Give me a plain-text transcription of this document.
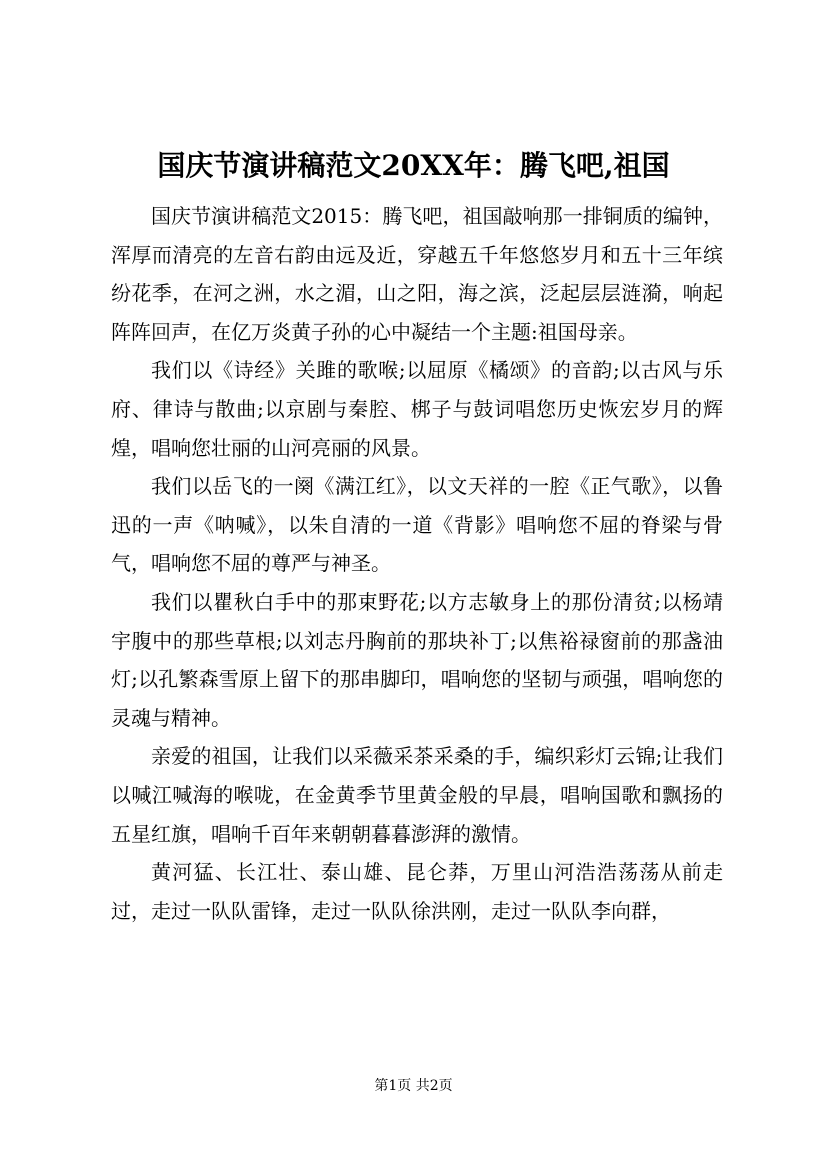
国庆节演讲稿范文20XX年：腾飞吧,祖国

国庆节演讲稿范文2015：腾飞吧，祖国敲响那一排铜质的编钟，浑厚而清亮的左音右韵由远及近，穿越五千年悠悠岁月和五十三年缤纷花季，在河之洲，水之湄，山之阳，海之滨，泛起层层涟漪，响起阵阵回声，在亿万炎黄子孙的心中凝结一个主题:祖国母亲。

我们以《诗经》关雎的歌喉;以屈原《橘颂》的音韵;以古风与乐府、律诗与散曲;以京剧与秦腔、梆子与鼓词唱您历史恢宏岁月的辉煌，唱响您壮丽的山河亮丽的风景。

我们以岳飞的一阕《满江红》，以文天祥的一腔《正气歌》，以鲁迅的一声《呐喊》，以朱自清的一道《背影》唱响您不屈的脊梁与骨气，唱响您不屈的尊严与神圣。

我们以瞿秋白手中的那束野花;以方志敏身上的那份清贫;以杨靖宇腹中的那些草根;以刘志丹胸前的那块补丁;以焦裕禄窗前的那盏油灯;以孔繁森雪原上留下的那串脚印，唱响您的坚韧与顽强，唱响您的灵魂与精神。

亲爱的祖国，让我们以采薇采茶采桑的手，编织彩灯云锦;让我们以喊江喊海的喉咙，在金黄季节里黄金般的早晨，唱响国歌和飘扬的五星红旗，唱响千百年来朝朝暮暮澎湃的激情。

黄河猛、长江壮、泰山雄、昆仑莽，万里山河浩浩荡荡从前走过，走过一队队雷锋，走过一队队徐洪刚，走过一队队李向群，

第1页 共2页
